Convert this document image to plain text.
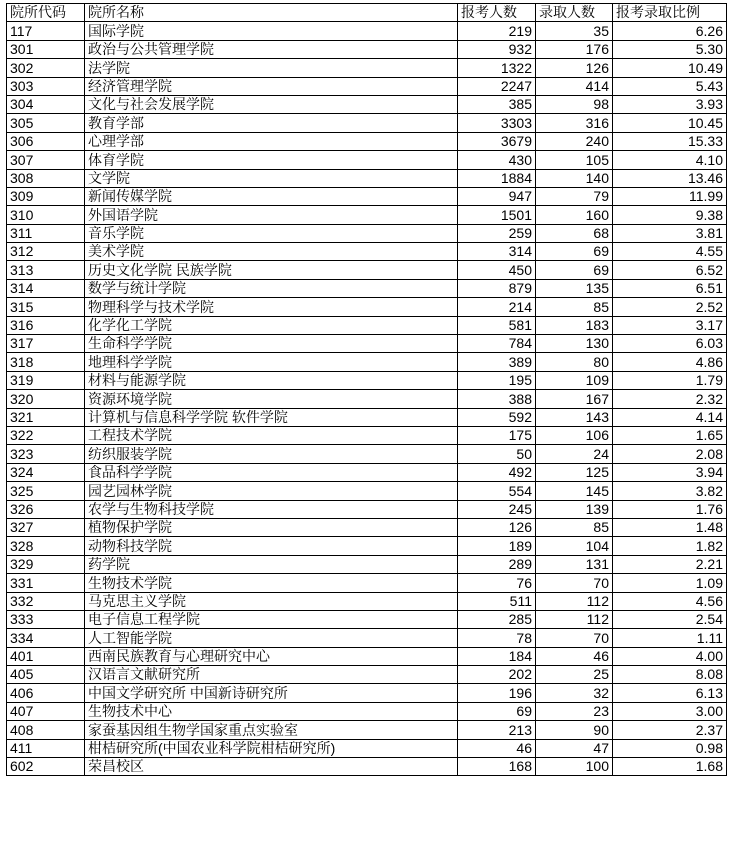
院所代码	院所名称	报考人数	录取人数	报考录取比例
117	国际学院	219	35	6.26
301	政治与公共管理学院	932	176	5.30
302	法学院	1322	126	10.49
303	经济管理学院	2247	414	5.43
304	文化与社会发展学院	385	98	3.93
305	教育学部	3303	316	10.45
306	心理学部	3679	240	15.33
307	体育学院	430	105	4.10
308	文学院	1884	140	13.46
309	新闻传媒学院	947	79	11.99
310	外国语学院	1501	160	9.38
311	音乐学院	259	68	3.81
312	美术学院	314	69	4.55
313	历史文化学院 民族学院	450	69	6.52
314	数学与统计学院	879	135	6.51
315	物理科学与技术学院	214	85	2.52
316	化学化工学院	581	183	3.17
317	生命科学学院	784	130	6.03
318	地理科学学院	389	80	4.86
319	材料与能源学院	195	109	1.79
320	资源环境学院	388	167	2.32
321	计算机与信息科学学院 软件学院	592	143	4.14
322	工程技术学院	175	106	1.65
323	纺织服装学院	50	24	2.08
324	食品科学学院	492	125	3.94
325	园艺园林学院	554	145	3.82
326	农学与生物科技学院	245	139	1.76
327	植物保护学院	126	85	1.48
328	动物科技学院	189	104	1.82
329	药学院	289	131	2.21
331	生物技术学院	76	70	1.09
332	马克思主义学院	511	112	4.56
333	电子信息工程学院	285	112	2.54
334	人工智能学院	78	70	1.11
401	西南民族教育与心理研究中心	184	46	4.00
405	汉语言文献研究所	202	25	8.08
406	中国文学研究所 中国新诗研究所	196	32	6.13
407	生物技术中心	69	23	3.00
408	家蚕基因组生物学国家重点实验室	213	90	2.37
411	柑桔研究所(中国农业科学院柑桔研究所)	46	47	0.98
602	荣昌校区	168	100	1.68
